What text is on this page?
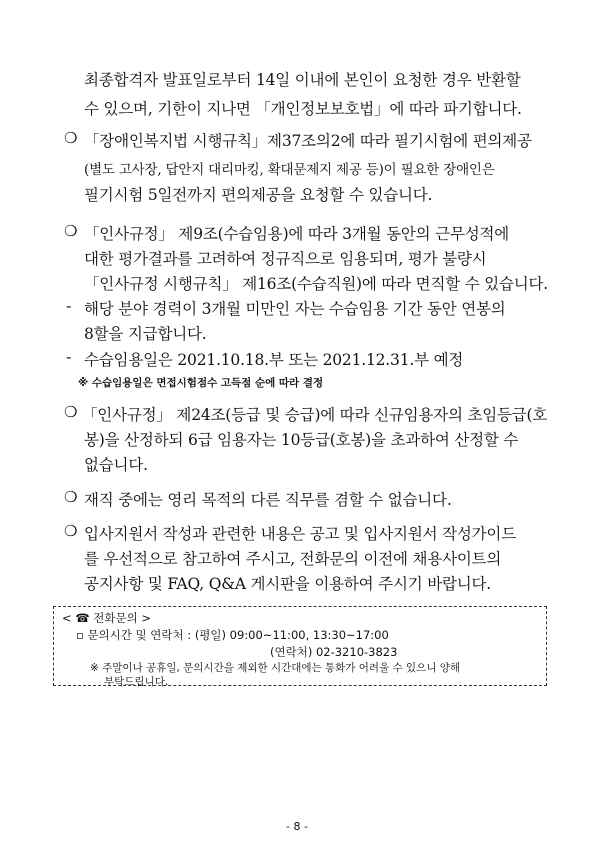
최종합격자 발표일로부터 14일 이내에 본인이 요청한 경우 반환할
수 있으며, 기한이 지나면 「개인정보보호법」에 따라 파기합니다.
❍ 「장애인복지법 시행규칙」제37조의2에 따라 필기시험에 편의제공
(별도 고사장, 답안지 대리마킹, 확대문제지 제공 등)이 필요한 장애인은
필기시험 5일전까지 편의제공을 요청할 수 있습니다.
❍ 「인사규정」 제9조(수습임용)에 따라 3개월 동안의 근무성적에
대한 평가결과를 고려하여 정규직으로 임용되며, 평가 불량시
「인사규정 시행규칙」 제16조(수습직원)에 따라 면직할 수 있습니다.
- 해당 분야 경력이 3개월 미만인 자는 수습임용 기간 동안 연봉의
8할을 지급합니다.
- 수습임용일은 2021.10.18.부 또는 2021.12.31.부 예정
※ 수습임용일은 면접시험점수 고득점 순에 따라 결정
❍ 「인사규정」 제24조(등급 및 승급)에 따라 신규임용자의 초임등급(호
봉)을 산정하되 6급 임용자는 10등급(호봉)을 초과하여 산정할 수
없습니다.
❍ 재직 중에는 영리 목적의 다른 직무를 겸할 수 없습니다.
❍ 입사지원서 작성과 관련한 내용은 공고 및 입사지원서 작성가이드
를 우선적으로 참고하여 주시고, 전화문의 이전에 채용사이트의
공지사항 및 FAQ, Q&A 게시판을 이용하여 주시기 바랍니다.
< ☎ 전화문의 >
▫ 문의시간 및 연락처 : (평일) 09:00~11:00, 13:30~17:00
(연락처) 02-3210-3823
※ 주말이나 공휴일, 문의시간을 제외한 시간대에는 통화가 어려울 수 있으니 양해
부탁드립니다.
- 8 -
